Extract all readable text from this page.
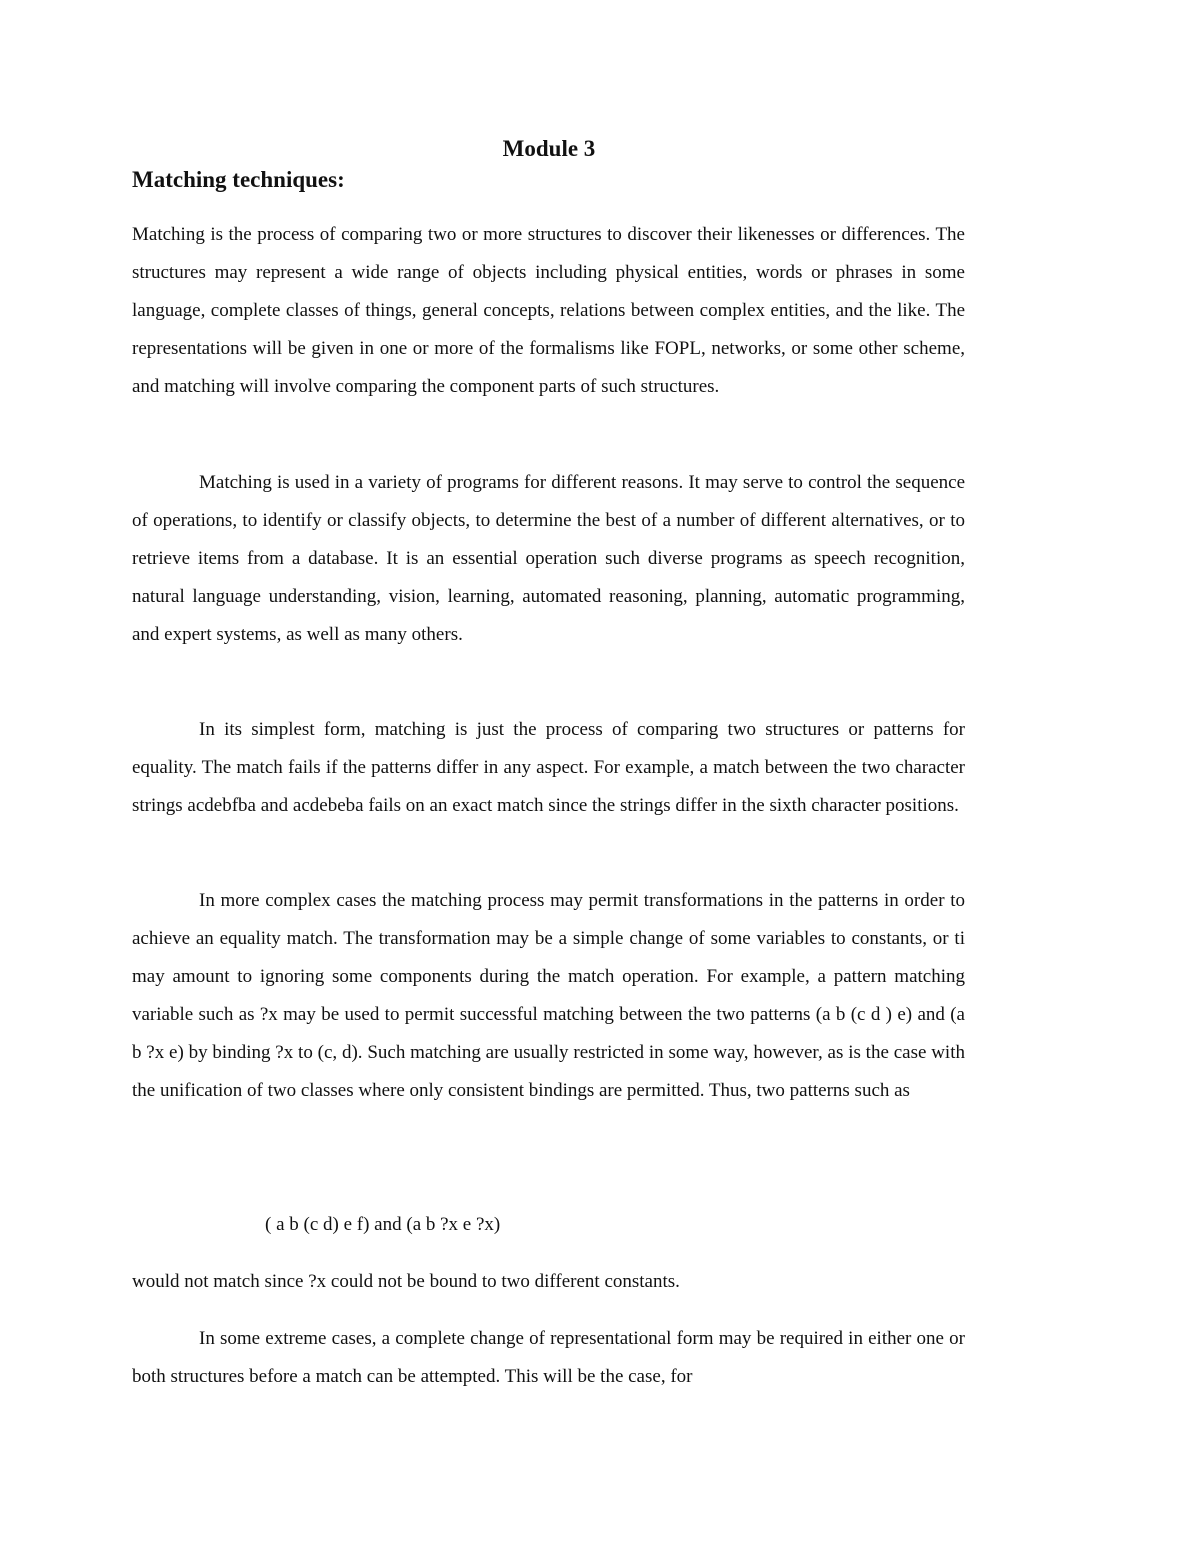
Module 3
Matching techniques:

Matching is the process of comparing two or more structures to discover their likenesses or differences. The structures may represent a wide range of objects including physical entities, words or phrases in some language, complete classes of things, general concepts, relations between complex entities, and the like. The representations will be given in one or more of the formalisms like FOPL, networks, or some other scheme, and matching will involve comparing the component parts of such structures.

Matching is used in a variety of programs for different reasons. It may serve to control the sequence of operations, to identify or classify objects, to determine the best of a number of different alternatives, or to retrieve items from a database. It is an essential operation such diverse programs as speech recognition, natural language understanding, vision, learning, automated reasoning, planning, automatic programming, and expert systems, as well as many others.

In its simplest form, matching is just the process of comparing two structures or patterns for equality. The match fails if the patterns differ in any aspect. For example, a match between the two character strings acdebfba and acdebeba fails on an exact match since the strings differ in the sixth character positions.

In more complex cases the matching process may permit transformations in the patterns in order to achieve an equality match. The transformation may be a simple change of some variables to constants, or ti may amount to ignoring some components during the match operation. For example, a pattern matching variable such as ?x may be used to permit successful matching between the two patterns (a b (c d ) e) and (a b ?x e) by binding ?x to (c, d). Such matching are usually restricted in some way, however, as is the case with the unification of two classes where only consistent bindings are permitted. Thus, two patterns such as

( a b (c d) e f) and (a b ?x e ?x)

would not match since ?x could not be bound to two different constants.

In some extreme cases, a complete change of representational form may be required in either one or both structures before a match can be attempted. This will be the case, for
